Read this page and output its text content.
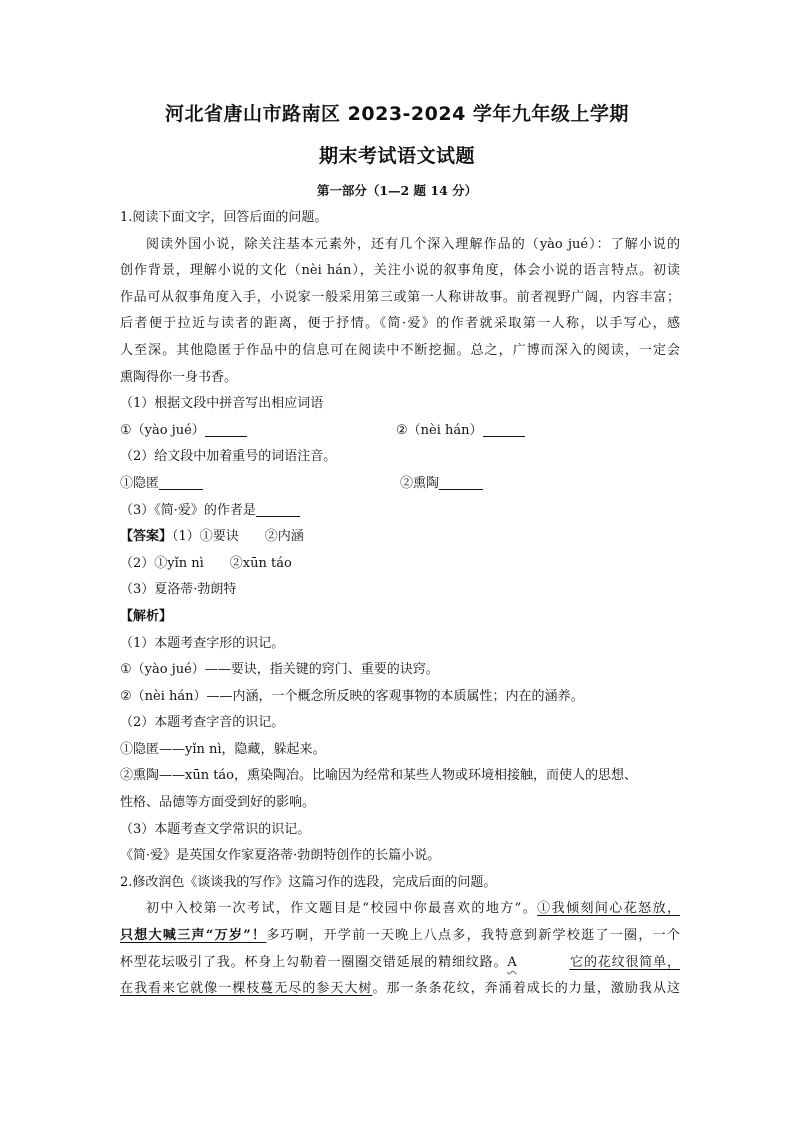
河北省唐山市路南区 2023-2024 学年九年级上学期
期末考试语文试题
第一部分（1—2 题 14 分）
1.阅读下面文字，回答后面的问题。
阅读外国小说，除关注基本元素外，还有几个深入理解作品的（yào jué）：了解小说的
创作背景，理解小说的文化（nèi hán），关注小说的叙事角度，体会小说的语言特点。初读
作品可从叙事角度入手，小说家一般采用第三或第一人称讲故事。前者视野广阔，内容丰富；
后者便于拉近与读者的距离，便于抒情。《简·爱》的作者就采取第一人称，以手写心，感
人至深。其他隐匿于作品中的信息可在阅读中不断挖掘。总之，广博而深入的阅读，一定会
熏陶得你一身书香。
（1）根据文段中拼音写出相应词语
①（yào jué）	②（nèi hán）
（2）给文段中加着重号的词语注音。
①隐匿	②熏陶
（3）《简·爱》的作者是
【答案】（1）①要诀　　②内涵
（2）①yǐn nì　　②xūn táo
（3）夏洛蒂·勃朗特
【解析】
（1）本题考查字形的识记。
①（yào jué）——要诀，指关键的窍门、重要的诀窍。
②（nèi hán）——内涵，一个概念所反映的客观事物的本质属性；内在的涵养。
（2）本题考查字音的识记。
①隐匿——yǐn nì，隐藏，躲起来。
②熏陶——xūn táo，熏染陶冶。比喻因为经常和某些人物或环境相接触，而使人的思想、
性格、品德等方面受到好的影响。
（3）本题考查文学常识的识记。
《简·爱》是英国女作家夏洛蒂·勃朗特创作的长篇小说。
2.修改润色《谈谈我的写作》这篇习作的选段，完成后面的问题。
初中入校第一次考试，作文题目是“校园中你最喜欢的地方”。①我倾刻间心花怒放，
只想大喊三声“万岁”！多巧啊，开学前一天晚上八点多，我特意到新学校逛了一圈，一个
杯型花坛吸引了我。杯身上勾勒着一圈圈交错延展的精细纹路。A	它的花纹很简单，
在我看来它就像一棵枝蔓无尽的参天大树。那一条条花纹，奔涌着成长的力量，激励我从这
